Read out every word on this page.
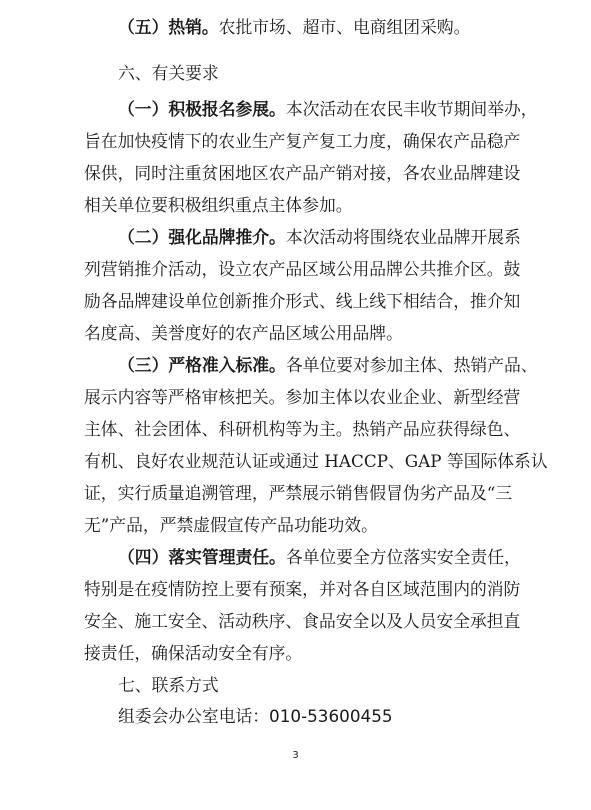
（五）热销。农批市场、超市、电商组团采购。
六、有关要求
（一）积极报名参展。本次活动在农民丰收节期间举办，
旨在加快疫情下的农业生产复产复工力度，确保农产品稳产
保供，同时注重贫困地区农产品产销对接，各农业品牌建设
相关单位要积极组织重点主体参加。
（二）强化品牌推介。本次活动将围绕农业品牌开展系
列营销推介活动，设立农产品区域公用品牌公共推介区。鼓
励各品牌建设单位创新推介形式、线上线下相结合，推介知
名度高、美誉度好的农产品区域公用品牌。
（三）严格准入标准。各单位要对参加主体、热销产品、
展示内容等严格审核把关。参加主体以农业企业、新型经营
主体、社会团体、科研机构等为主。热销产品应获得绿色、
有机、良好农业规范认证或通过 HACCP、GAP 等国际体系认
证，实行质量追溯管理，严禁展示销售假冒伪劣产品及“三
无”产品，严禁虚假宣传产品功能功效。
（四）落实管理责任。各单位要全方位落实安全责任，
特别是在疫情防控上要有预案，并对各自区域范围内的消防
安全、施工安全、活动秩序、食品安全以及人员安全承担直
接责任，确保活动安全有序。
七、联系方式
组委会办公室电话：010-53600455
3
